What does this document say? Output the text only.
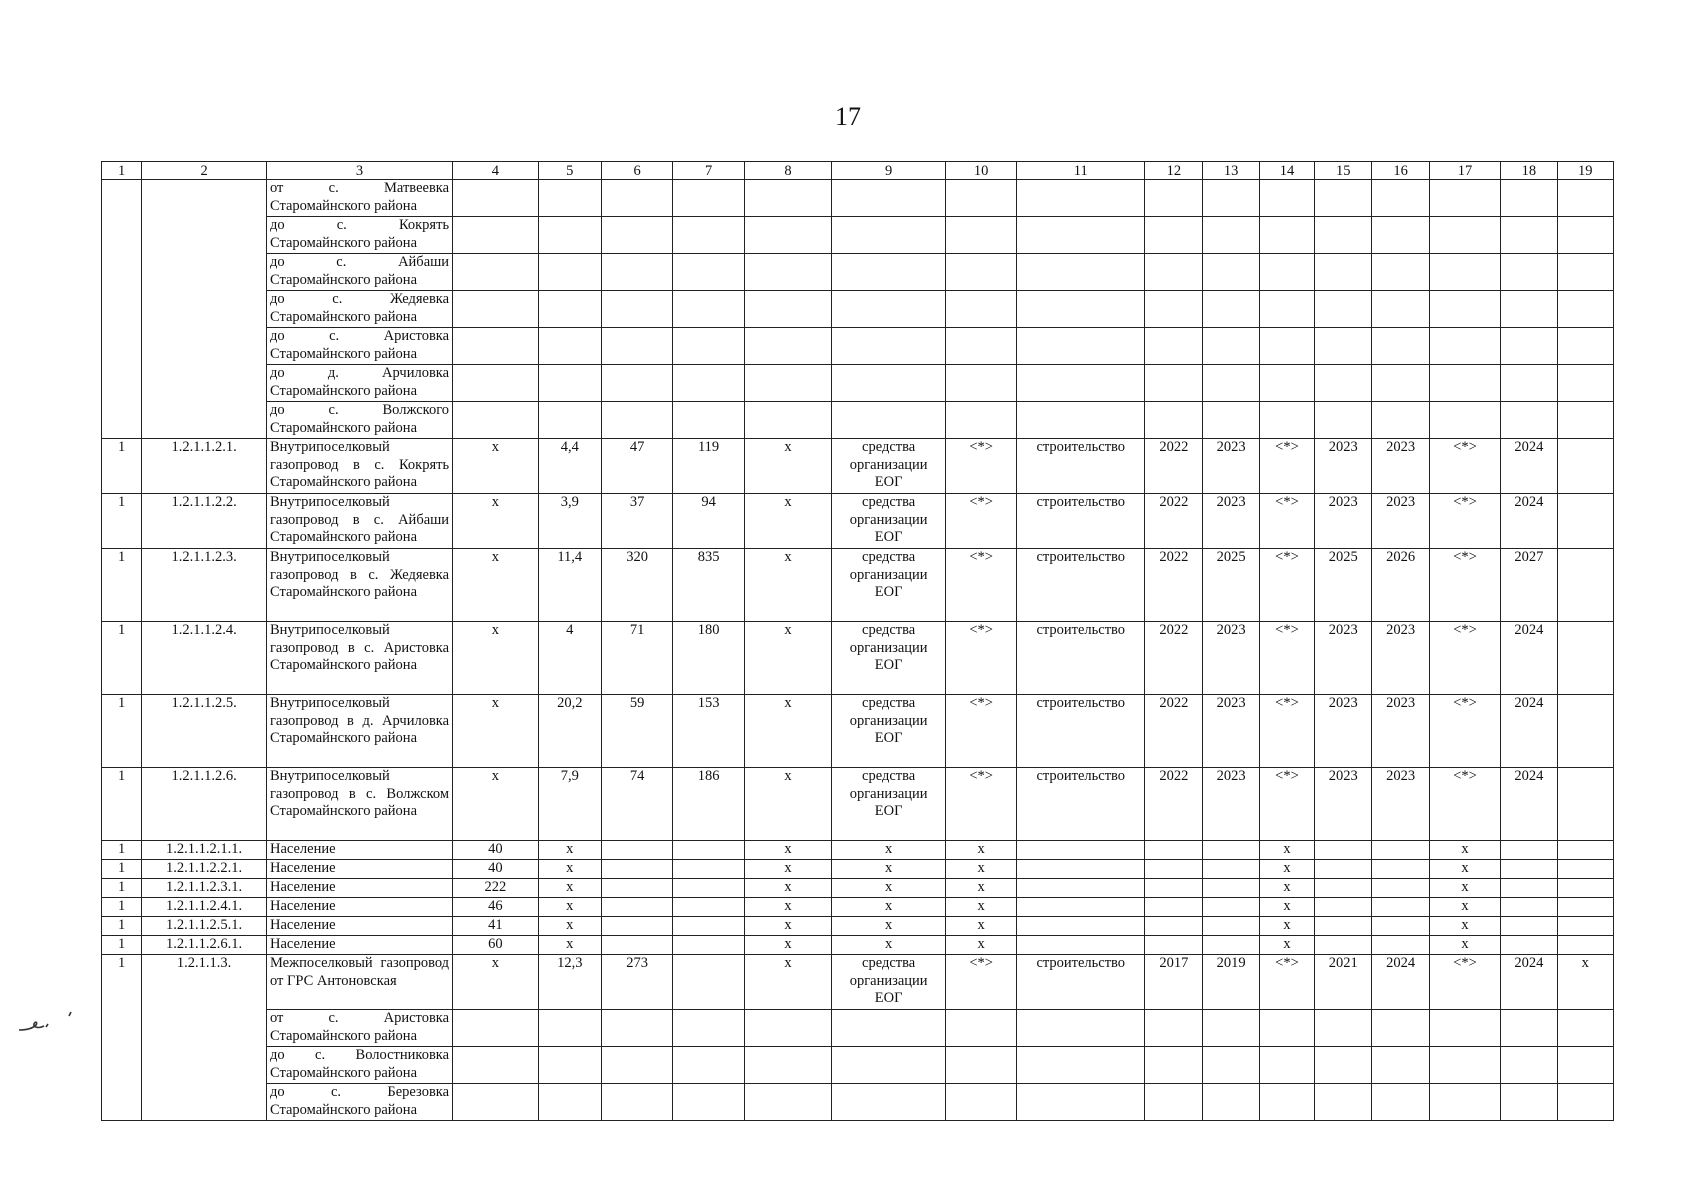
17
1	2	3	4	5	6	7	8	9	10	11	12	13	14	15	16	17	18	19
		от с. Матвеевка Старомайнского района																
		до с. Кокрять Старомайнского района																
		до с. Айбаши Старомайнского района																
		до с. Жедяевка Старомайнского района																
		до с. Аристовка Старомайнского района																
		до д. Арчиловка Старомайнского района																
		до с. Волжского Старомайнского района																
1	1.2.1.1.2.1.	Внутрипоселковый газопровод в с. Кокрять Старомайнского района	х	4,4	47	119	х	средства организации ЕОГ	<*>	строительство	2022	2023	<*>	2023	2023	<*>	2024	
1	1.2.1.1.2.2.	Внутрипоселковый газопровод в с. Айбаши Старомайнского района	х	3,9	37	94	х	средства организации ЕОГ	<*>	строительство	2022	2023	<*>	2023	2023	<*>	2024	
1	1.2.1.1.2.3.	Внутрипоселковый газопровод в с. Жедяевка Старомайнского района	х	11,4	320	835	х	средства организации ЕОГ	<*>	строительство	2022	2025	<*>	2025	2026	<*>	2027	
1	1.2.1.1.2.4.	Внутрипоселковый газопровод в с. Аристовка Старомайнского района	х	4	71	180	х	средства организации ЕОГ	<*>	строительство	2022	2023	<*>	2023	2023	<*>	2024	
1	1.2.1.1.2.5.	Внутрипоселковый газопровод в д. Арчиловка Старомайнского района	х	20,2	59	153	х	средства организации ЕОГ	<*>	строительство	2022	2023	<*>	2023	2023	<*>	2024	
1	1.2.1.1.2.6.	Внутрипоселковый газопровод в с. Волжском Старомайнского района	х	7,9	74	186	х	средства организации ЕОГ	<*>	строительство	2022	2023	<*>	2023	2023	<*>	2024	
1	1.2.1.1.2.1.1.	Население	40	х			х	х	х				х			х		
1	1.2.1.1.2.2.1.	Население	40	х			х	х	х				х			х		
1	1.2.1.1.2.3.1.	Население	222	х			х	х	х				х			х		
1	1.2.1.1.2.4.1.	Население	46	х			х	х	х				х			х		
1	1.2.1.1.2.5.1.	Население	41	х			х	х	х				х			х		
1	1.2.1.1.2.6.1.	Население	60	х			х	х	х				х			х		
1	1.2.1.1.3.	Межпоселковый газопровод от ГРС Антоновская	х	12,3	273		х	средства организации ЕОГ	<*>	строительство	2017	2019	<*>	2021	2024	<*>	2024	х
		от с. Аристовка Старомайнского района																
		до с. Волостниковка Старомайнского района																
		до с. Березовка Старомайнского района																
